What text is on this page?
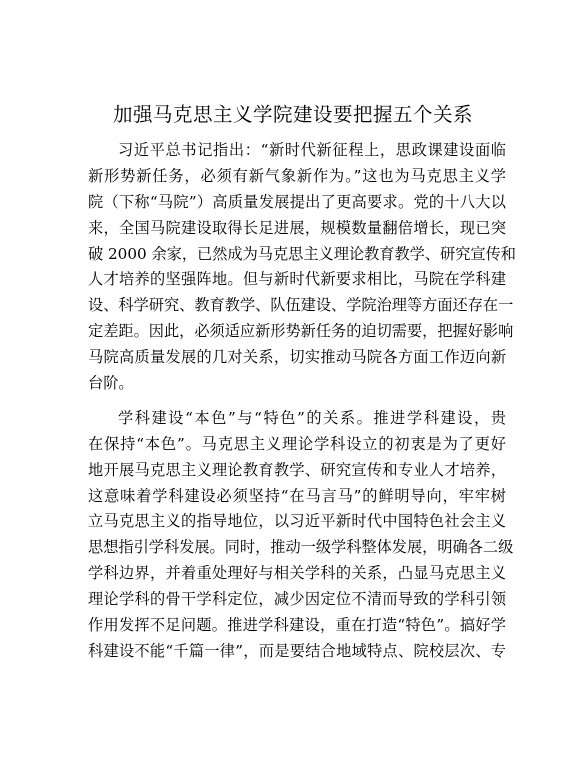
加强马克思主义学院建设要把握五个关系
习近平总书记指出：“新时代新征程上，思政课建设面临
新形势新任务，必须有新气象新作为。”这也为马克思主义学
院（下称“马院”）高质量发展提出了更高要求。党的十八大以
来，全国马院建设取得长足进展，规模数量翻倍增长，现已突
破 2000 余家，已然成为马克思主义理论教育教学、研究宣传和
人才培养的坚强阵地。但与新时代新要求相比，马院在学科建
设、科学研究、教育教学、队伍建设、学院治理等方面还存在一
定差距。因此，必须适应新形势新任务的迫切需要，把握好影响
马院高质量发展的几对关系，切实推动马院各方面工作迈向新
台阶。
学科建设“本色”与“特色”的关系。推进学科建设，贵
在保持“本色”。马克思主义理论学科设立的初衷是为了更好
地开展马克思主义理论教育教学、研究宣传和专业人才培养，
这意味着学科建设必须坚持“在马言马”的鲜明导向，牢牢树
立马克思主义的指导地位，以习近平新时代中国特色社会主义
思想指引学科发展。同时，推动一级学科整体发展，明确各二级
学科边界，并着重处理好与相关学科的关系，凸显马克思主义
理论学科的骨干学科定位，减少因定位不清而导致的学科引领
作用发挥不足问题。推进学科建设，重在打造“特色”。搞好学
科建设不能“千篇一律”，而是要结合地域特点、院校层次、专
